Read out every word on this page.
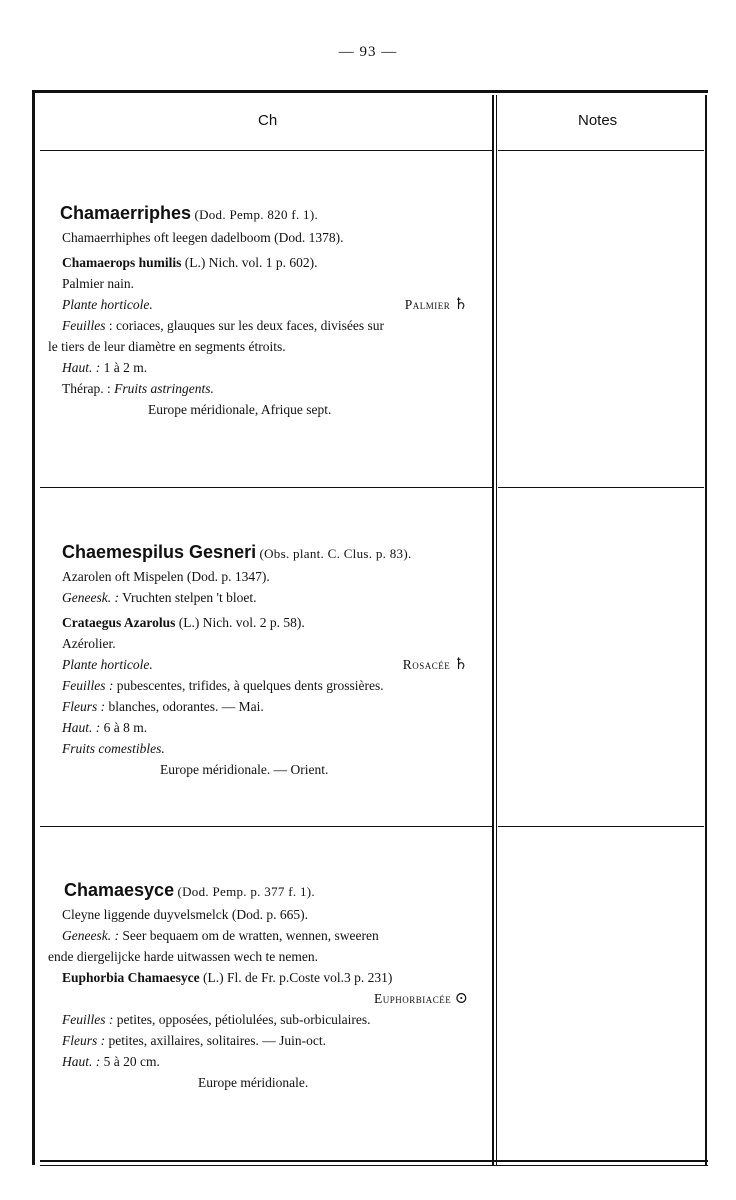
— 93 —
Ch	Notes
Chamaerriphes (Dod. Pemp. 820 f. 1).
Chamaerrhiphes oft leegen dadelboom (Dod. 1378).
Chamaerops humilis (L.) Nich. vol. 1 p. 602).
Palmier nain.
Plante horticole.	Palmier ♄
Feuilles : coriaces, glauques sur les deux faces, divisées sur
le tiers de leur diamètre en segments étroits.
Haut. : 1 à 2 m.
Thérap. : Fruits astringents.
Europe méridionale, Afrique sept.
Chaemespilus Gesneri (Obs. plant. C. Clus. p. 83).
Azarolen oft Mispelen (Dod. p. 1347).
Geneesk. : Vruchten stelpen 't bloet.
Crataegus Azarolus (L.) Nich. vol. 2 p. 58).
Azérolier.
Plante horticole.	Rosacée ♄
Feuilles : pubescentes, trifides, à quelques dents grossières.
Fleurs : blanches, odorantes. — Mai.
Haut. : 6 à 8 m.
Fruits comestibles.
Europe méridionale. — Orient.
Chamaesyce (Dod. Pemp. p. 377 f. 1).
Cleyne liggende duyvelsmelck (Dod. p. 665).
Geneesk. : Seer bequaem om de wratten, wennen, sweeren
ende diergelijcke harde uitwassen wech te nemen.
Euphorbia Chamaesyce (L.) Fl. de Fr. p.Coste vol.3 p. 231)
Euphorbiacée ⊙

Feuilles : petites, opposées, pétiolulées, sub-orbiculaires.
Fleurs : petites, axillaires, solitaires. — Juin-oct.
Haut. : 5 à 20 cm.
Europe méridionale.
